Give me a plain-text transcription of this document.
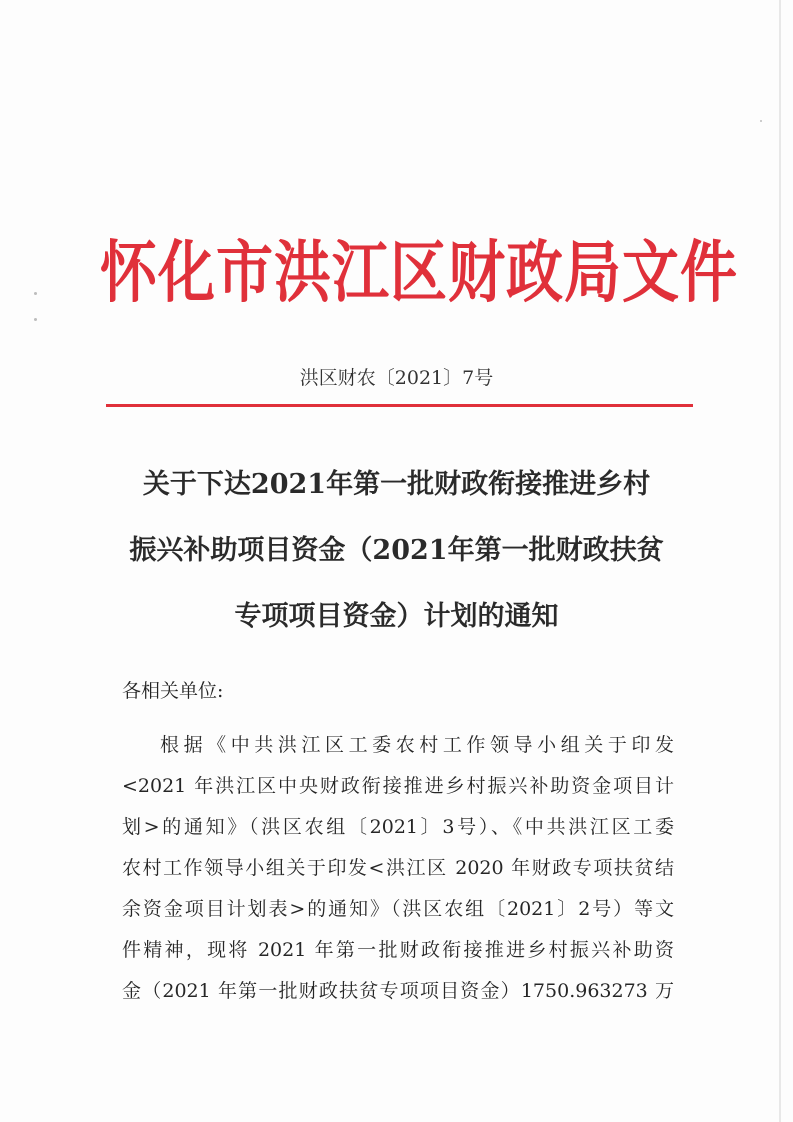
怀化市洪江区财政局文件
洪区财农〔2021〕7号
关于下达2021年第一批财政衔接推进乡村
振兴补助项目资金（2021年第一批财政扶贫
专项项目资金）计划的通知
各相关单位:
根据《中共洪江区工委农村工作领导小组关于印发
<2021 年洪江区中央财政衔接推进乡村振兴补助资金项目计
划>的通知》（洪区农组〔2021〕3号）、《中共洪江区工委
农村工作领导小组关于印发<洪江区 2020 年财政专项扶贫结
余资金项目计划表>的通知》（洪区农组〔2021〕2号）等文
件精神，现将 2021 年第一批财政衔接推进乡村振兴补助资
金（2021 年第一批财政扶贫专项项目资金）1750.963273 万
